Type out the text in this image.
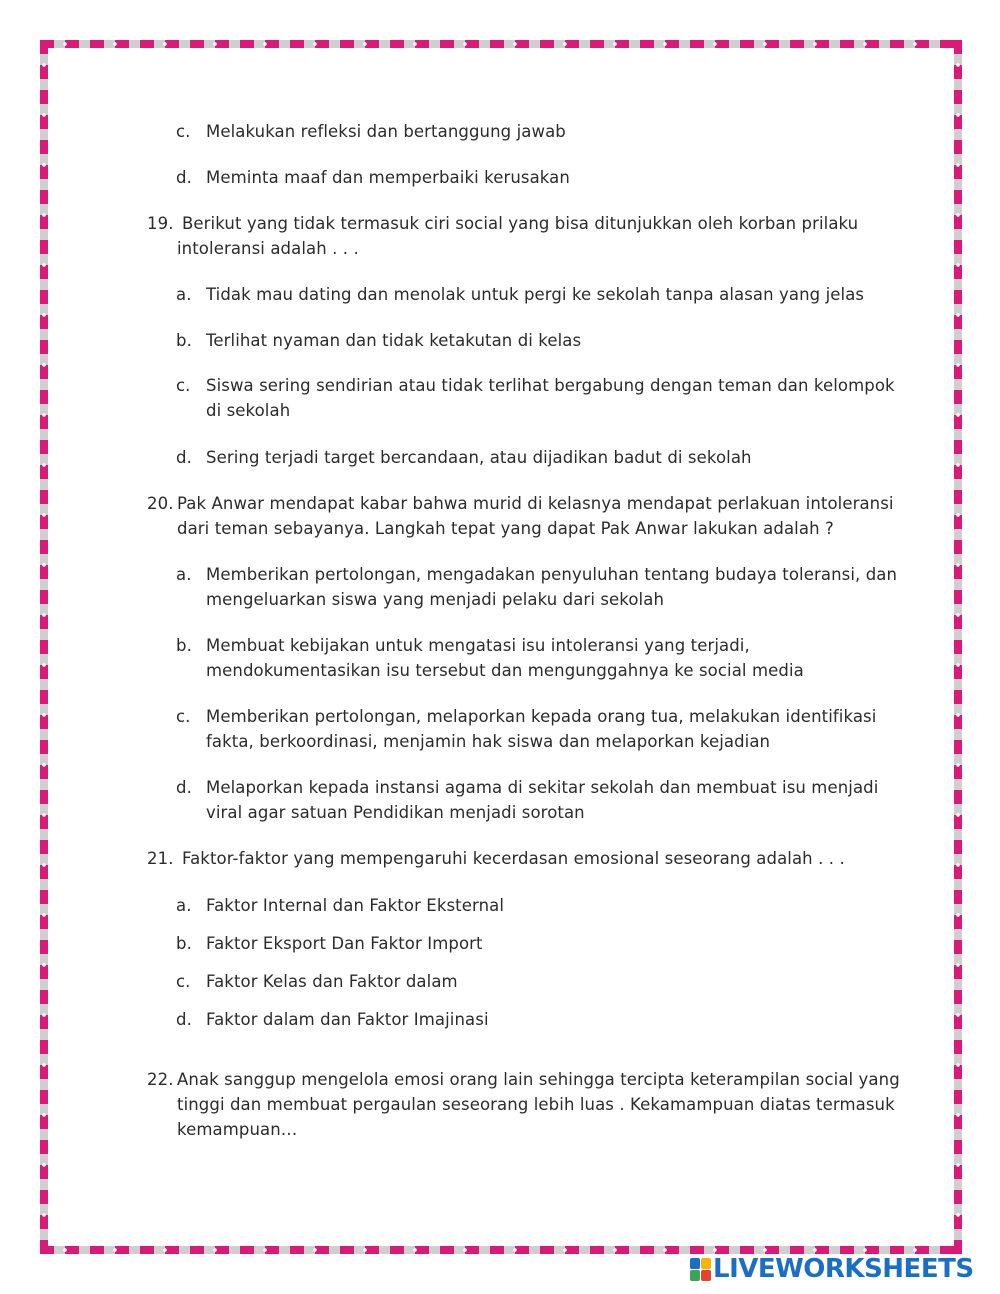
c. Melakukan refleksi dan bertanggung jawab
d. Meminta maaf dan memperbaiki kerusakan
19. Berikut yang tidak termasuk ciri social yang bisa ditunjukkan oleh korban prilaku
intoleransi adalah . . .
a. Tidak mau dating dan menolak untuk pergi ke sekolah tanpa alasan yang jelas
b. Terlihat nyaman dan tidak ketakutan di kelas
c. Siswa sering sendirian atau tidak terlihat bergabung dengan teman dan kelompok
di sekolah
d. Sering terjadi target bercandaan, atau dijadikan badut di sekolah
20. Pak Anwar mendapat kabar bahwa murid di kelasnya mendapat perlakuan intoleransi
dari teman sebayanya. Langkah tepat yang dapat Pak Anwar lakukan adalah ?
a. Memberikan pertolongan, mengadakan penyuluhan tentang budaya toleransi, dan
mengeluarkan siswa yang menjadi pelaku dari sekolah
b. Membuat kebijakan untuk mengatasi isu intoleransi yang terjadi,
mendokumentasikan isu tersebut dan mengunggahnya ke social media
c. Memberikan pertolongan, melaporkan kepada orang tua, melakukan identifikasi
fakta, berkoordinasi, menjamin hak siswa dan melaporkan kejadian
d. Melaporkan kepada instansi agama di sekitar sekolah dan membuat isu menjadi
viral agar satuan Pendidikan menjadi sorotan
21. Faktor-faktor yang mempengaruhi kecerdasan emosional seseorang adalah . . .
a. Faktor Internal dan Faktor Eksternal
b. Faktor Eksport Dan Faktor Import
c. Faktor Kelas dan Faktor dalam
d. Faktor dalam dan Faktor Imajinasi
22. Anak sanggup mengelola emosi orang lain sehingga tercipta keterampilan social yang
tinggi dan membuat pergaulan seseorang lebih luas . Kekamampuan diatas termasuk
kemampuan…
LIVEWORKSHEETS
